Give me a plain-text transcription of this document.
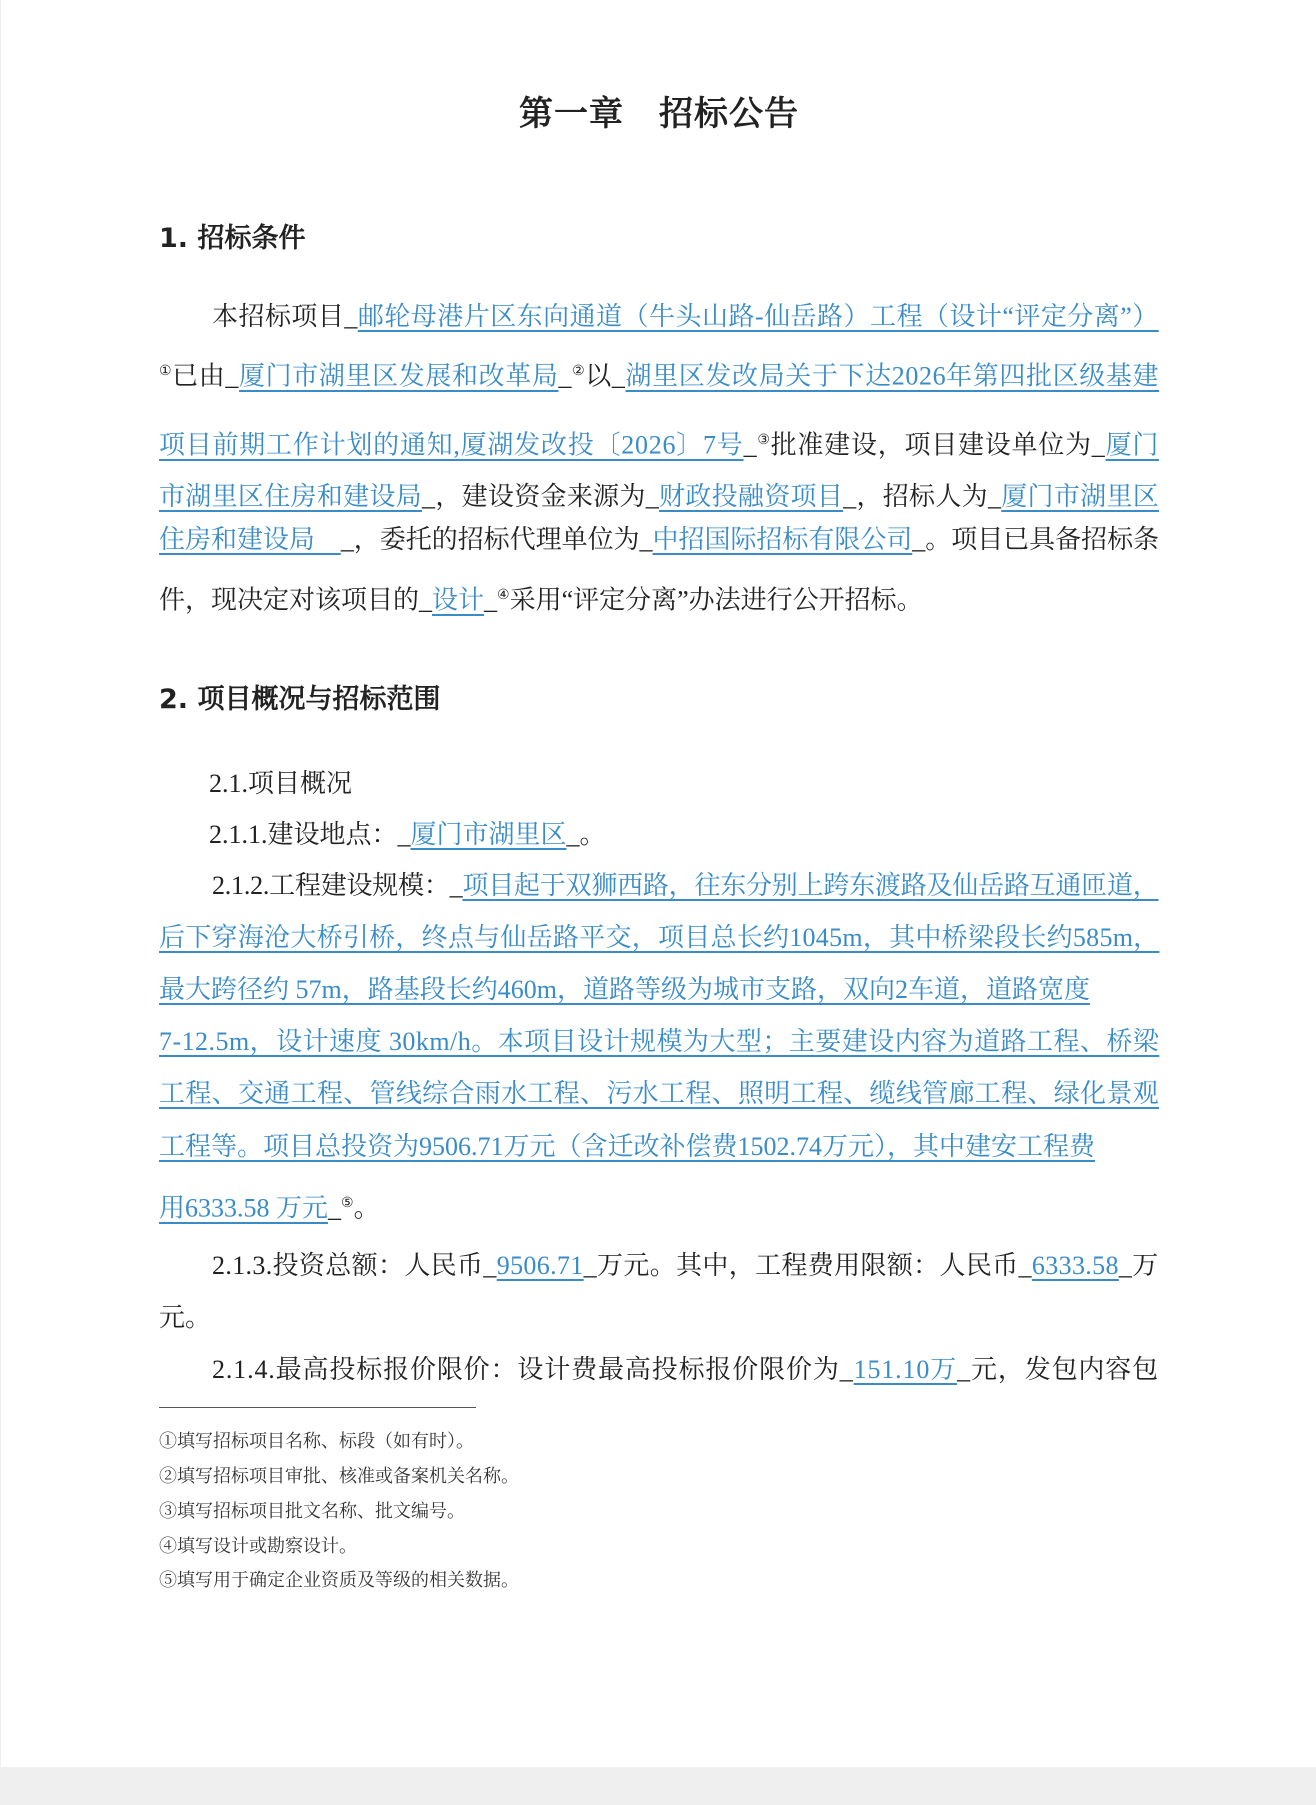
第一章　招标公告
1. 招标条件
2. 项目概况与招标范围
本招标项目_邮轮母港片区东向通道（牛头山路-仙岳路）工程（设计“评定分离”）
①已由_厦门市湖里区发展和改革局_②以_湖里区发改局关于下达2026年第四批区级基建
项目前期工作计划的通知,厦湖发改投〔2026〕7号_③批准建设，项目建设单位为_厦门
市湖里区住房和建设局_，建设资金来源为_财政投融资项目_，招标人为_厦门市湖里区
住房和建设局　_，委托的招标代理单位为_中招国际招标有限公司_。项目已具备招标条
件，现决定对该项目的_设计_④采用“评定分离”办法进行公开招标。
2.1.项目概况
2.1.1.建设地点：_厦门市湖里区_。
2.1.2.工程建设规模：_项目起于双狮西路，往东分别上跨东渡路及仙岳路互通匝道，
后下穿海沧大桥引桥，终点与仙岳路平交，项目总长约1045m，其中桥梁段长约585m，
最大跨径约 57m，路基段长约460m，道路等级为城市支路，双向2车道，道路宽度
7-12.5m，设计速度 30km/h。本项目设计规模为大型；主要建设内容为道路工程、桥梁
工程、交通工程、管线综合雨水工程、污水工程、照明工程、缆线管廊工程、绿化景观
工程等。项目总投资为9506.71万元（含迁改补偿费1502.74万元），其中建安工程费
用6333.58 万元_⑤。
2.1.3.投资总额：人民币_9506.71_万元。其中，工程费用限额：人民币_6333.58_万
元。
2.1.4.最高投标报价限价：设计费最高投标报价限价为_151.10万_元，发包内容包
①填写招标项目名称、标段（如有时）。
②填写招标项目审批、核准或备案机关名称。
③填写招标项目批文名称、批文编号。
④填写设计或勘察设计。
⑤填写用于确定企业资质及等级的相关数据。
